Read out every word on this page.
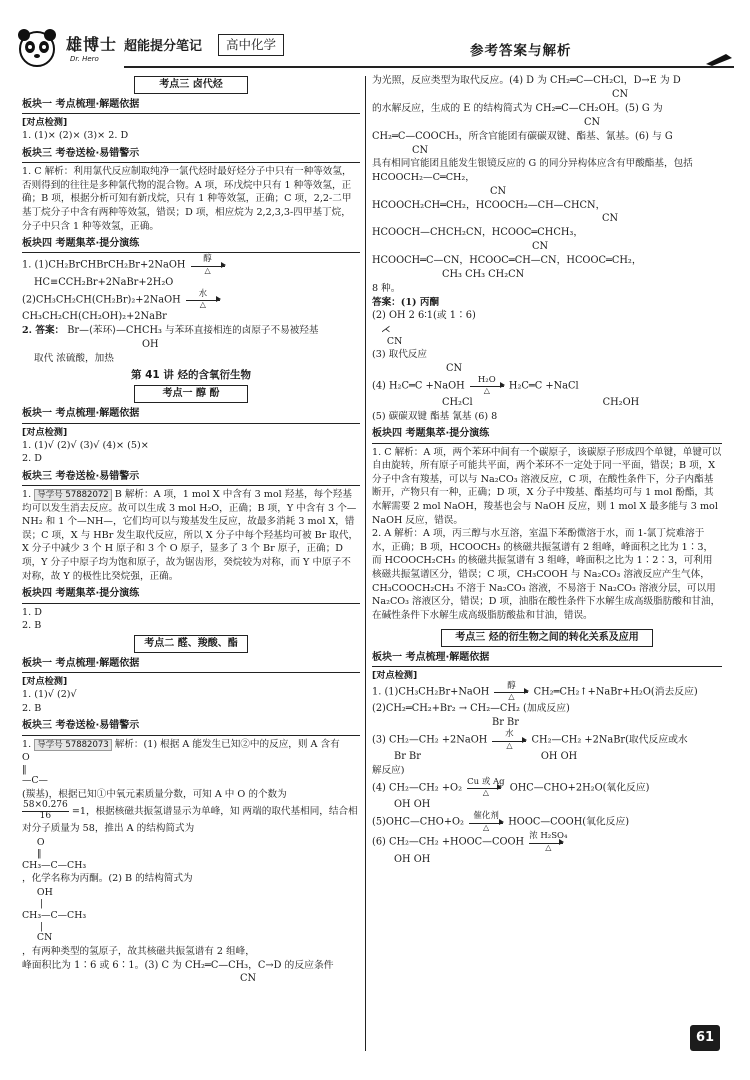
雄博士
Dr. Hero
超能提分笔记	高中化学	参考答案与解析
考点三 卤代烃
板块一 考点梳理·解题依据

[对点检测]

1. (1)× (2)× (3)× 2. D

板块三 考卷送检·易错警示

1. C 解析：利用氯代反应制取纯净一氯代烃时最好烃分子中只有一种等效氢，否则得到的往往是多种氯代物的混合物。A 项，环戊烷中只有 1 种等效氢，正确；B 项，根据分析可知有新戊烷，只有 1 种等效氢，正确；C 项，2,2-二甲基丁烷分子中含有两种等效氢，错误；D 项，相应烷为 2,2,3,3-四甲基丁烷，分子中只含 1 种等效氢，正确。

板块四 考题集萃·提分演练

1. (1)CH₂BrCHBrCH₂Br+2NaOH
醇
△

HC≡CCH₂Br+2NaBr+2H₂O

(2)CH₃CH₂CH(CH₂Br)₂+2NaOH
水
△

CH₃CH₂CH(CH₂OH)₂+2NaBr

2. 答案： Br—⟨苯环⟩—CHCH₃ 与苯环直接相连的卤原子不易被羟基

OH

取代 浓硫酸，加热

第 41 讲 烃的含氧衍生物
考点一 醇 酚
板块一 考点梳理·解题依据

[对点检测]

1. (1)√ (2)√ (3)√ (4)× (5)×

2. D

板块三 考卷送检·易错警示

1. 导学号 57882072 B 解析：A 项，1 mol X 中含有 3 mol 羟基，每个羟基均可以发生消去反应。故可以生成 3 mol H₂O，正确；B 项，Y 中含有 3 个—NH₂ 和 1 个—NH—，它们均可以与羧基发生反应，故最多消耗 3 mol X，错误；C 项，X 与 HBr 发生取代反应，所以 X 分子中每个羟基均可被 Br 取代，X 分子中减少 3 个 H 原子和 3 个 O 原子，显多了 3 个 Br 原子，正确；D 项，Y 分子中原子均为饱和原子，故为锯齿形，癸烷较为对称，而 Y 中原子不对称，故 Y 的极性比癸烷强，正确。

板块四 考题集萃·提分演练

1. D

2. B

考点二 醛、羧酸、酯
板块一 考点梳理·解题依据

[对点检测]

1. (1)√ (2)√

2. B

板块三 考卷送检·易错警示

1. 导学号 57882073 解析：(1) 根据 A 能发生已知②中的反应，则 A 含有

O
‖
—C—

(羰基)，根据已知①中氧元素质量分数，可知 A 中 O 的个数为

$\frac{58\times 0.276}{16} =1$，根据核磁共振氢谱显示为单峰，知 两端的取代基相同，结合相对分子质量为 58，推出 A 的结构简式为

O
‖
CH₃—C—CH₃

，化学名称为丙酮。(2) B 的结构简式为

OH
|
CH₃—C—CH₃
|
CN

，有两种类型的氢原子，故其核磁共振氢谱有 2 组峰，

峰面积比为 1∶6 或 6∶1。(3) C 为 CH₂═C—CH₃，C→D 的反应条件

CN

为光照，反应类型为取代反应。(4) D 为 CH₂═C—CH₂Cl，D→E 为 D

CN

的水解反应，生成的 E 的结构简式为 CH₂═C—CH₂OH。(5) G 为

CN

CH₂═C—COOCH₃，所含官能团有碳碳双键、酯基、氰基。(6) 与 G

CN

具有相同官能团且能发生银镜反应的 G 的同分异构体应含有甲酸酯基，包括 HCOOCH₂—C═CH₂，

CN

HCOOCH₂CH═CH₂，HCOOCH₂—CH—CHCN，

CN

HCOOCH—CHCH₂CN，HCOOC═CHCH₃，

CN

HCOOCH═C—CN，HCOOC═CH—CN，HCOOC═CH₂，

CH₃ CH₃ CH₂CN

8 种。

答案：(1) 丙酮

(2) OH 2 6∶1(或 1∶6)

⋌
CN

(3) 取代反应

CN

(4) H₂C═C +NaOH
H₂O
△	H₂C═C +NaCl

CH₂Cl	CH₂OH

(5) 碳碳双键 酯基 氰基 (6) 8

板块四 考题集萃·提分演练

1. C 解析：A 项，两个苯环中间有一个碳原子，该碳原子形成四个单键，单键可以自由旋转，所有原子可能共平面，两个苯环不一定处于同一平面，错误；B 项，X 分子中含有羧基，可以与 Na₂CO₃ 溶液反应，C 项，在酸性条件下，分子内酯基断开，产物只有一种，正确；D 项，X 分子中羧基、酯基均可与 1 mol 酚酯，其水解需要 2 mol NaOH，羧基也会与 NaOH 反应，则 1 mol X 最多能与 3 mol NaOH 反应，错误。

2. A 解析：A 项，丙三醇与水互溶，室温下苯酚微溶于水，而 1-氯丁烷难溶于水，正确；B 项，HCOOCH₃ 的核磁共振氢谱有 2 组峰，峰面积之比为 1∶3，而 HCOOCH₂CH₃ 的核磁共振氢谱有 3 组峰，峰面积之比为 1∶2∶3，可利用核磁共振氢谱区分，错误；C 项，CH₃COOH 与 Na₂CO₃ 溶液反应产生气体，CH₃COOCH₂CH₃ 不溶于 Na₂CO₃ 溶液，不易溶于 Na₂CO₃ 溶液分层，可以用 Na₂CO₃ 溶液区分，错误；D 项，油脂在酸性条件下水解生成高级脂肪酸和甘油，在碱性条件下水解生成高级脂肪酸盐和甘油，错误。

考点三 烃的衍生物之间的转化关系及应用
板块一 考点梳理·解题依据

[对点检测]

1. (1)CH₃CH₂Br+NaOH
醇
△	CH₂═CH₂↑+NaBr+H₂O(消去反应)

(2)CH₂═CH₂+Br₂ → CH₂—CH₂ (加成反应)

Br Br

(3) CH₂—CH₂ +2NaOH
水
△	CH₂—CH₂ +2NaBr(取代反应或水

Br Br	OH OH

解反应)

(4) CH₂—CH₂ +O₂
Cu 或 Ag
△	OHC—CHO+2H₂O(氧化反应)

OH OH

(5)OHC—CHO+O₂
催化剂
△	HOOC—COOH(氧化反应)

(6) CH₂—CH₂ +HOOC—COOH
浓 H₂SO₄
△

OH OH

61
